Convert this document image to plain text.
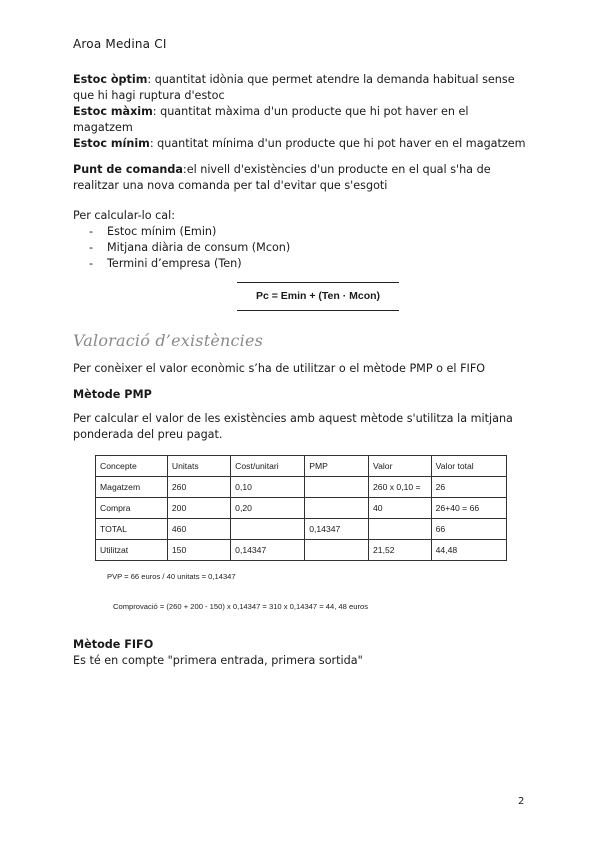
Aroa Medina CI

Estoc òptim: quantitat idònia que permet atendre la demanda habitual sense que hi hagi ruptura d'estoc

Estoc màxim: quantitat màxima d'un producte que hi pot haver en el magatzem

Estoc mínim: quantitat mínima d'un producte que hi pot haver en el magatzem

Punt de comanda:el nivell d'existències d'un producte en el qual s'ha de realitzar una nova comanda per tal d'evitar que s'esgoti

Per calcular-lo cal:

- Estoc mínim (Emin)
- Mitjana diària de consum (Mcon)
- Termini d’empresa (Ten)
Pc = Emin + (Ten · Mcon)
Valoració d’existències

Per conèixer el valor econòmic s’ha de utilitzar o el mètode PMP o el FIFO

Mètode PMP

Per calcular el valor de les existències amb aquest mètode s'utilitza la mitjana ponderada del preu pagat.

Concepte	Unitats	Cost/unitari	PMP	Valor	Valor total
Magatzem	260	0,10		260 x 0,10 =	26
Compra	200	0,20		40	26+40 = 66
TOTAL	460		0,14347		66
Utilitzat	150	0,14347		21,52	44,48
PVP = 66 euros / 40 unitats = 0,14347
Comprovació = (260 + 200 - 150) x 0,14347 = 310 x 0,14347 = 44, 48 euros
Mètode FIFO

Es té en compte "primera entrada, primera sortida"

2
